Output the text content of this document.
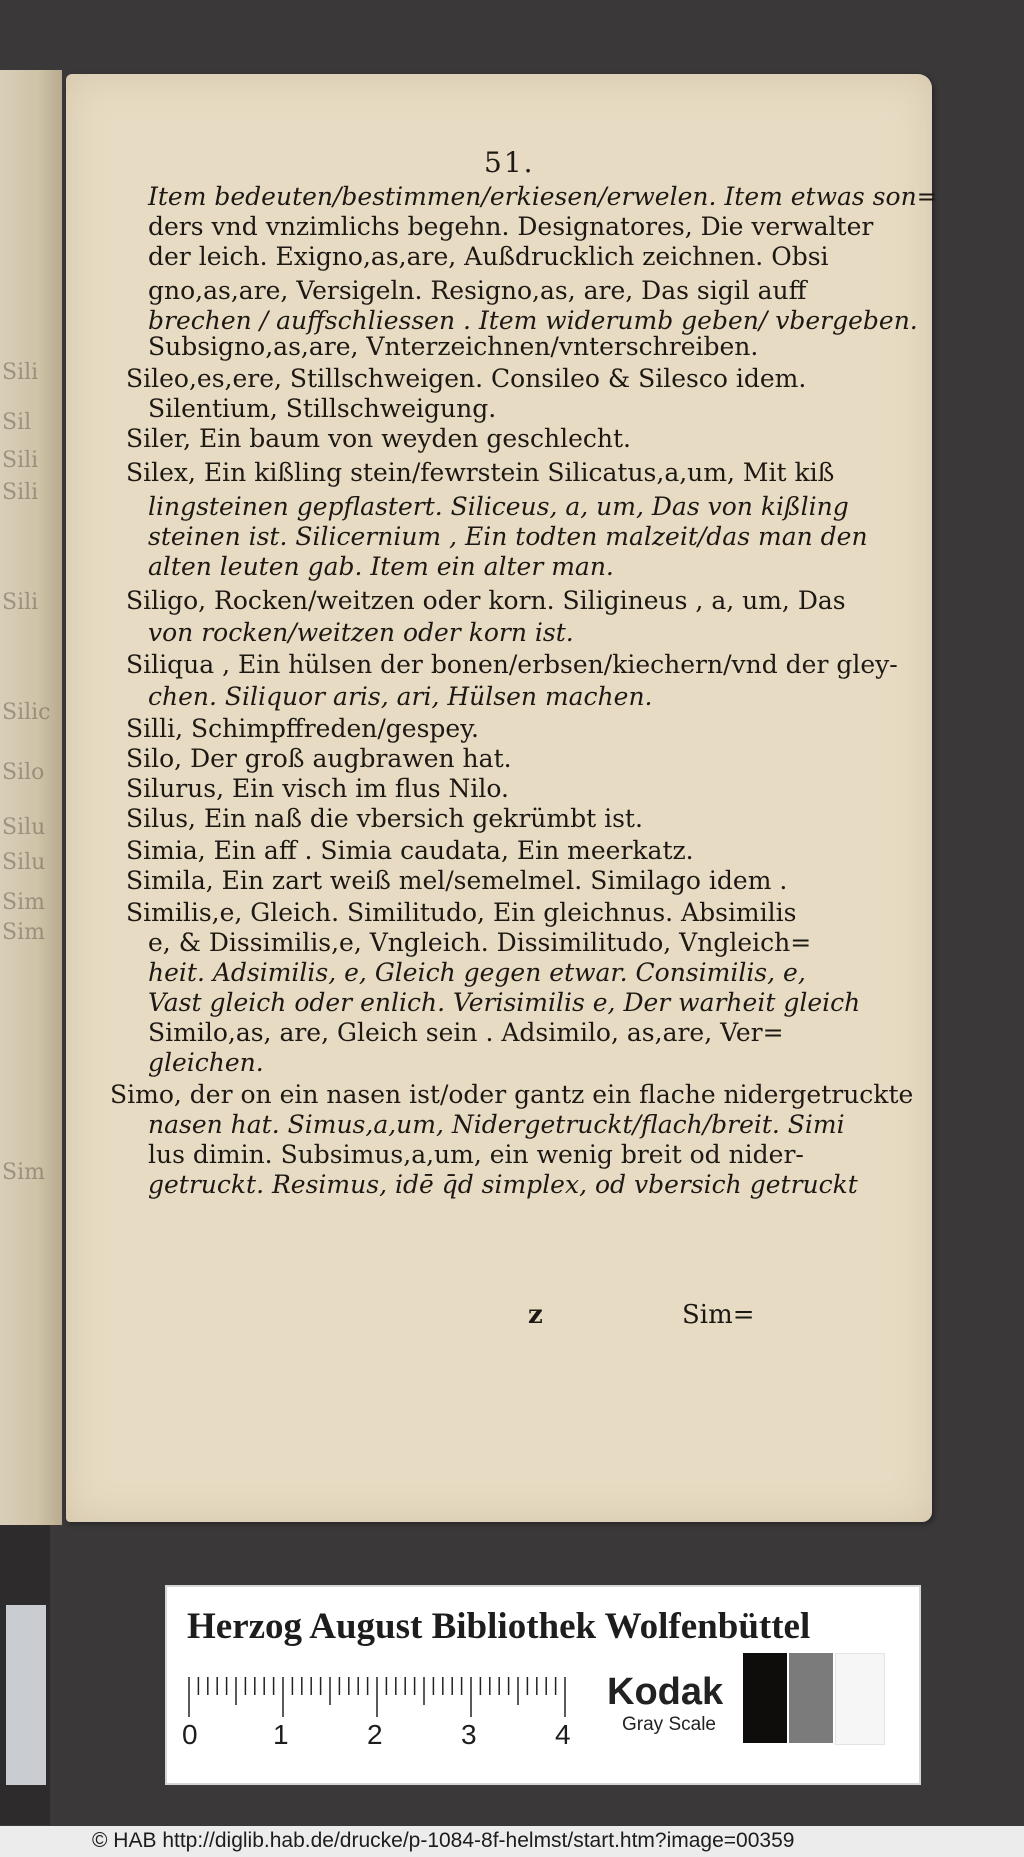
Sili
Sil
Sili
Sili
Sili
Silic
Silo
Silu
Silu
Sim
Sim
Sim
51.
Item bedeuten/bestimmen/erkiesen/erwelen. Item etwas son=
ders vnd vnzimlichs begehn. Designatores, Die verwalter
der leich. Exigno,as,are, Außdrucklich zeichnen. Obsi
gno,as,are, Versigeln. Resigno,as, are, Das sigil auff
brechen / auffschliessen . Item widerumb geben/ vbergeben.
Subsigno,as,are, Vnterzeichnen/vnterschreiben.
Sileo,es,ere, Stillschweigen. Consileo & Silesco idem.
Silentium, Stillschweigung.
Siler, Ein baum von weyden geschlecht.
Silex, Ein kißling stein/fewrstein Silicatus,a,um, Mit kiß
lingsteinen gepflastert. Siliceus, a, um, Das von kißling
steinen ist. Silicernium , Ein todten malzeit/das man den
alten leuten gab. Item ein alter man.
Siligo, Rocken/weitzen oder korn. Siligineus , a, um, Das
von rocken/weitzen oder korn ist.
Siliqua , Ein hülsen der bonen/erbsen/kiechern/vnd der gley-
chen. Siliquor aris, ari, Hülsen machen.
Silli, Schimpffreden/gespey.
Silo, Der groß augbrawen hat.
Silurus, Ein visch im flus Nilo.
Silus, Ein naß die vbersich gekrümbt ist.
Simia, Ein aff . Simia caudata, Ein meerkatz.
Simila, Ein zart weiß mel/semelmel. Similago idem .
Similis,e, Gleich. Similitudo, Ein gleichnus. Absimilis
e, & Dissimilis,e, Vngleich. Dissimilitudo, Vngleich=
heit. Adsimilis, e, Gleich gegen etwar. Consimilis, e,
Vast gleich oder enlich. Verisimilis e, Der warheit gleich
Similo,as, are, Gleich sein . Adsimilo, as,are, Ver=
gleichen.
Simo, der on ein nasen ist/oder gantz ein flache nidergetruckte
nasen hat. Simus,a,um, Nidergetruckt/flach/breit. Simi
lus dimin. Subsimus,a,um, ein wenig breit od nider-
getruckt. Resimus, idē q̄d simplex, od vbersich getruckt
z	Sim=
Herzog August Bibliothek Wolfenbüttel
0	1	2	3	4
Kodak
Gray Scale
© HAB http://diglib.hab.de/drucke/p-1084-8f-helmst/start.htm?image=00359
